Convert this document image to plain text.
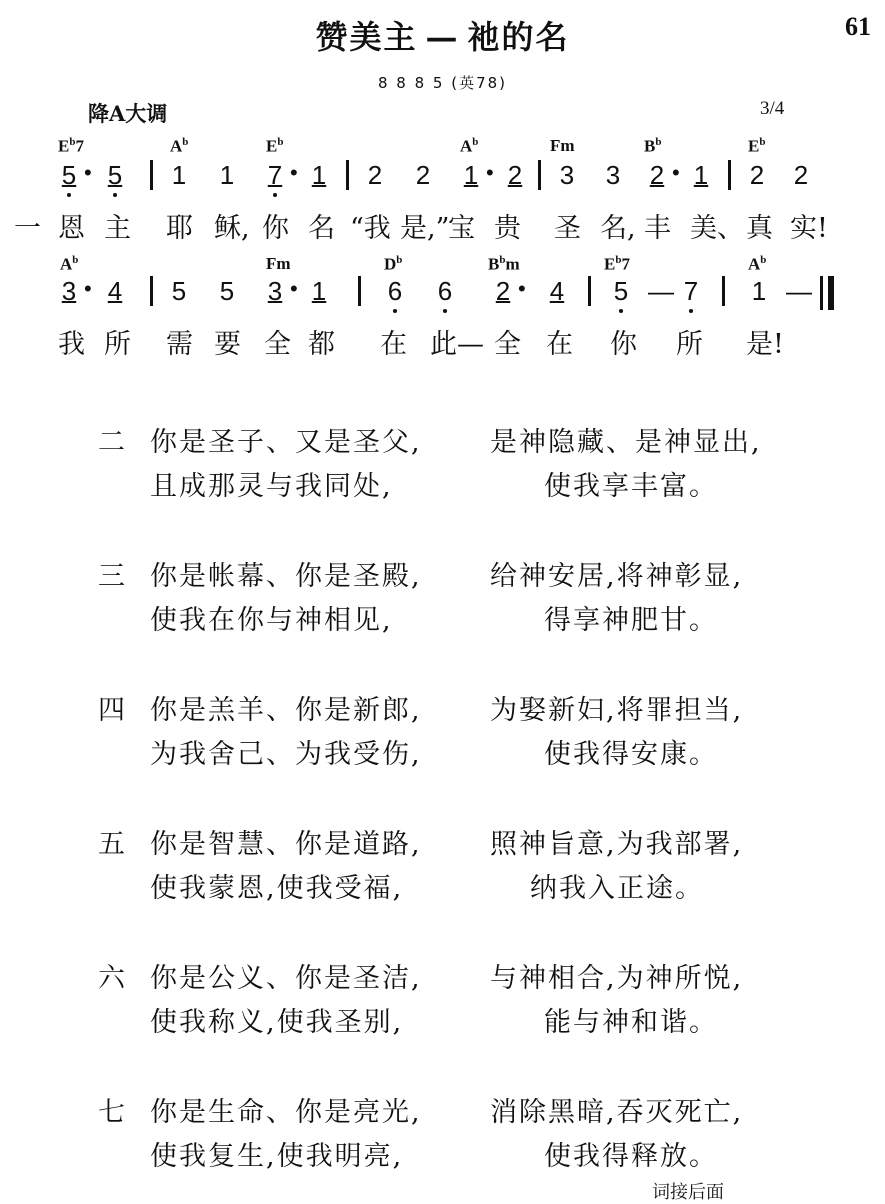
赞美主 — 祂的名	61
8 8 8 5 (英78)
降A大调	3/4
$E^b7$	$A^b$	$E^b$	$A^b$	Fm	$B^b$	$E^b$
5 • 5 1 1 7 • 1 2 2 1 • 2 3 3 2 • 1 2 2
一 恩 主 耶 稣, 你 名 “我 是,”
宝 贵 圣 名, 丰 美、 真 实!
$A^b$	Fm	$D^b$	$B^bm$	$E^b7$	$A^b$
3 • 4 5 5 3 • 1 6 6 2 • 4 5 — 7 1 —
我 所 需 要 全 都 在 此— 全 在 你 所 是!
二 你是圣子、又是圣父,	是神隐藏、是神显出,
且成那灵与我同处,	使我享丰富。
三 你是帐幕、你是圣殿,	给神安居,将神彰显,
使我在你与神相见,	得享神肥甘。
四 你是羔羊、你是新郎,	为娶新妇,将罪担当,
为我舍己、为我受伤,	使我得安康。
五 你是智慧、你是道路,	照神旨意,为我部署,
使我蒙恩,使我受福,	纳我入正途。
六 你是公义、你是圣洁,	与神相合,为神所悦,
使我称义,使我圣别,	能与神和谐。
七 你是生命、你是亮光,	消除黑暗,吞灭死亡,
使我复生,使我明亮,	使我得释放。
词接后面
